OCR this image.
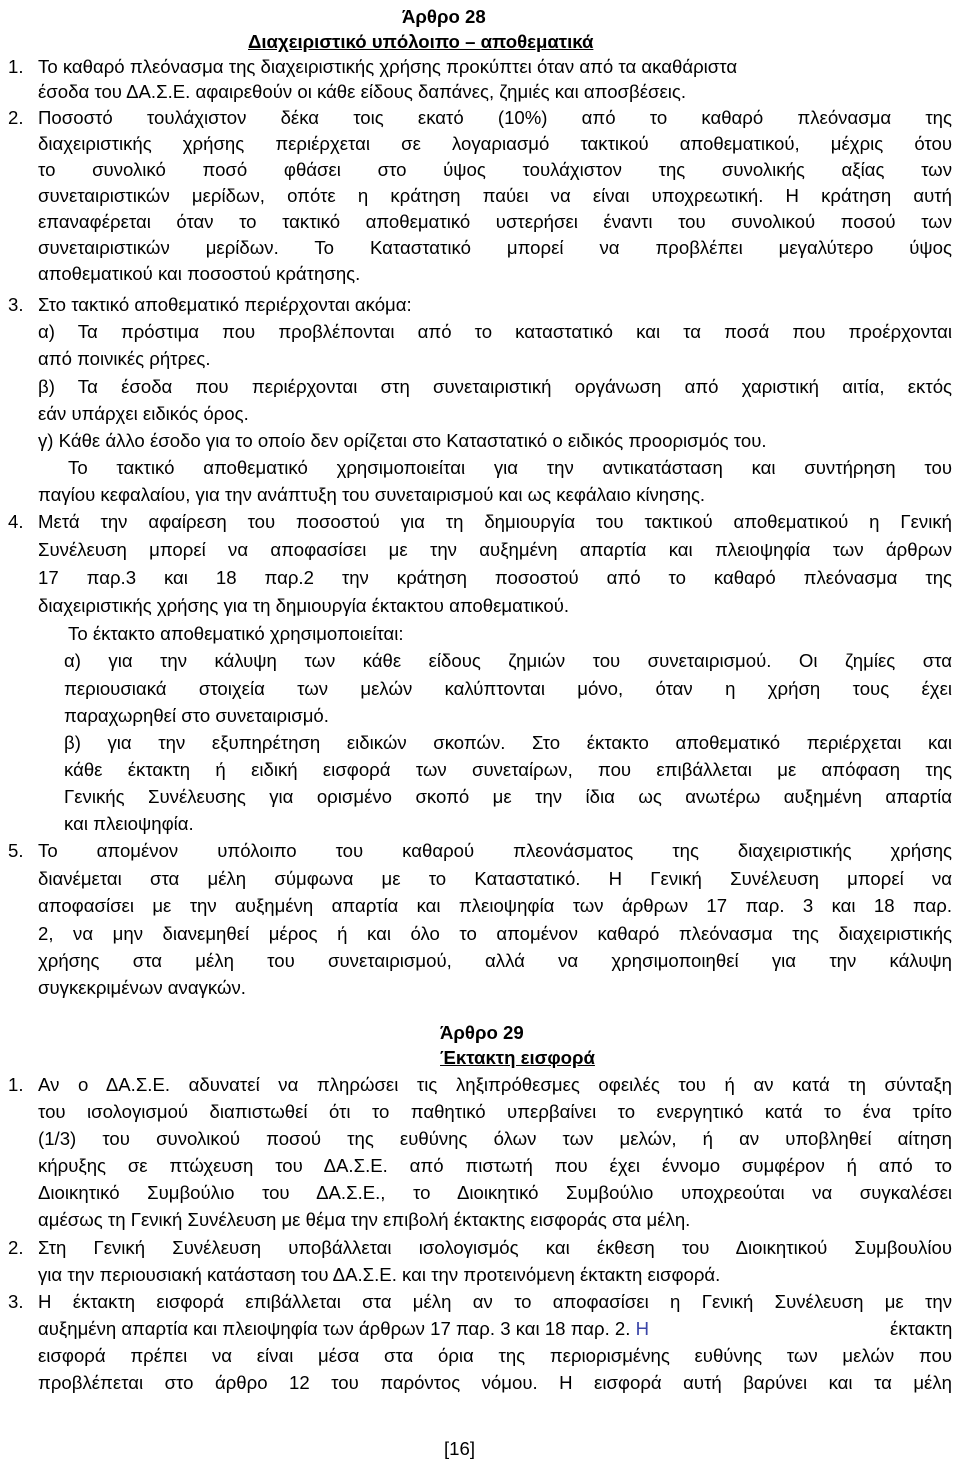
Άρθρο 28
Διαχειριστικό υπόλοιπο – αποθεματικά
1. Το καθαρό πλεόνασμα της διαχειριστικής χρήσης προκύπτει όταν από τα ακαθάριστα
έσοδα του ΔΑ.Σ.Ε. αφαιρεθούν οι κάθε είδους δαπάνες, ζημιές και αποσβέσεις.
2. Ποσοστό τουλάχιστον δέκα τοις εκατό (10%) από το καθαρό πλεόνασμα της
διαχειριστικής χρήσης περιέρχεται σε λογαριασμό τακτικού αποθεματικού, μέχρις ότου
το συνολικό ποσό φθάσει στο ύψος τουλάχιστον της συνολικής αξίας των
συνεταιριστικών μερίδων, οπότε η κράτηση παύει να είναι υποχρεωτική. Η κράτηση αυτή
επαναφέρεται όταν το τακτικό αποθεματικό υστερήσει έναντι του συνολικού ποσού των
συνεταιριστικών μερίδων. Το Καταστατικό μπορεί να προβλέπει μεγαλύτερο ύψος
αποθεματικού και ποσοστού κράτησης.
3. Στο τακτικό αποθεματικό περιέρχονται ακόμα:
α) Τα πρόστιμα που προβλέπονται από το καταστατικό και τα ποσά που προέρχονται
από ποινικές ρήτρες.
β) Τα έσοδα που περιέρχονται στη συνεταιριστική οργάνωση από χαριστική αιτία, εκτός
εάν υπάρχει ειδικός όρος.
γ) Κάθε άλλο έσοδο για το οποίο δεν ορίζεται στο Καταστατικό ο ειδικός προορισμός του.
Το τακτικό αποθεματικό χρησιμοποιείται για την αντικατάσταση και συντήρηση του
παγίου κεφαλαίου, για την ανάπτυξη του συνεταιρισμού και ως κεφάλαιο κίνησης.
4. Μετά την αφαίρεση του ποσοστού για τη δημιουργία του τακτικού αποθεματικού η Γενική
Συνέλευση μπορεί να αποφασίσει με την αυξημένη απαρτία και πλειοψηφία των άρθρων
17 παρ.3 και 18 παρ.2 την κράτηση ποσοστού από το καθαρό πλεόνασμα της
διαχειριστικής χρήσης για τη δημιουργία έκτακτου αποθεματικού.
Το έκτακτο αποθεματικό χρησιμοποιείται:
α) για την κάλυψη των κάθε είδους ζημιών του συνεταιρισμού. Οι ζημίες στα
περιουσιακά στοιχεία των μελών καλύπτονται μόνο, όταν η χρήση τους έχει
παραχωρηθεί στο συνεταιρισμό.
β) για την εξυπηρέτηση ειδικών σκοπών. Στο έκτακτο αποθεματικό περιέρχεται και
κάθε έκτακτη ή ειδική εισφορά των συνεταίρων, που επιβάλλεται με απόφαση της
Γενικής Συνέλευσης για ορισμένο σκοπό με την ίδια ως ανωτέρω αυξημένη απαρτία
και πλειοψηφία.
5. Το απομένον υπόλοιπο του καθαρού πλεονάσματος της διαχειριστικής χρήσης
διανέμεται στα μέλη σύμφωνα με το Καταστατικό. Η Γενική Συνέλευση μπορεί να
αποφασίσει με την αυξημένη απαρτία και πλειοψηφία των άρθρων 17 παρ. 3 και 18 παρ.
2, να μην διανεμηθεί μέρος ή και όλο το απομένον καθαρό πλεόνασμα της διαχειριστικής
χρήσης στα μέλη του συνεταιρισμού, αλλά να χρησιμοποιηθεί για την κάλυψη
συγκεκριμένων αναγκών.
Άρθρο 29
Έκτακτη εισφορά
1. Αν ο ΔΑ.Σ.Ε. αδυνατεί να πληρώσει τις ληξιπρόθεσμες οφειλές του ή αν κατά τη σύνταξη
του ισολογισμού διαπιστωθεί ότι το παθητικό υπερβαίνει το ενεργητικό κατά το ένα τρίτο
(1/3) του συνολικού ποσού της ευθύνης όλων των μελών, ή αν υποβληθεί αίτηση
κήρυξης σε πτώχευση του ΔΑ.Σ.Ε. από πιστωτή που έχει έννομο συμφέρον ή από το
Διοικητικό Συμβούλιο του ΔΑ.Σ.Ε., το Διοικητικό Συμβούλιο υποχρεούται να συγκαλέσει
αμέσως τη Γενική Συνέλευση με θέμα την επιβολή έκτακτης εισφοράς στα μέλη.
2. Στη Γενική Συνέλευση υποβάλλεται ισολογισμός και έκθεση του Διοικητικού Συμβουλίου
για την περιουσιακή κατάσταση του ΔΑ.Σ.Ε. και την προτεινόμενη έκτακτη εισφορά.
3. Η έκτακτη εισφορά επιβάλλεται στα μέλη αν το αποφασίσει η Γενική Συνέλευση με την
αυξημένη απαρτία και πλειοψηφία των άρθρων 17 παρ. 3 και 18 παρ. 2. Η	έκτακτη
εισφορά πρέπει να είναι μέσα στα όρια της περιορισμένης ευθύνης των μελών που
προβλέπεται στο άρθρο 12 του παρόντος νόμου. Η εισφορά αυτή βαρύνει και τα μέλη
[16]
